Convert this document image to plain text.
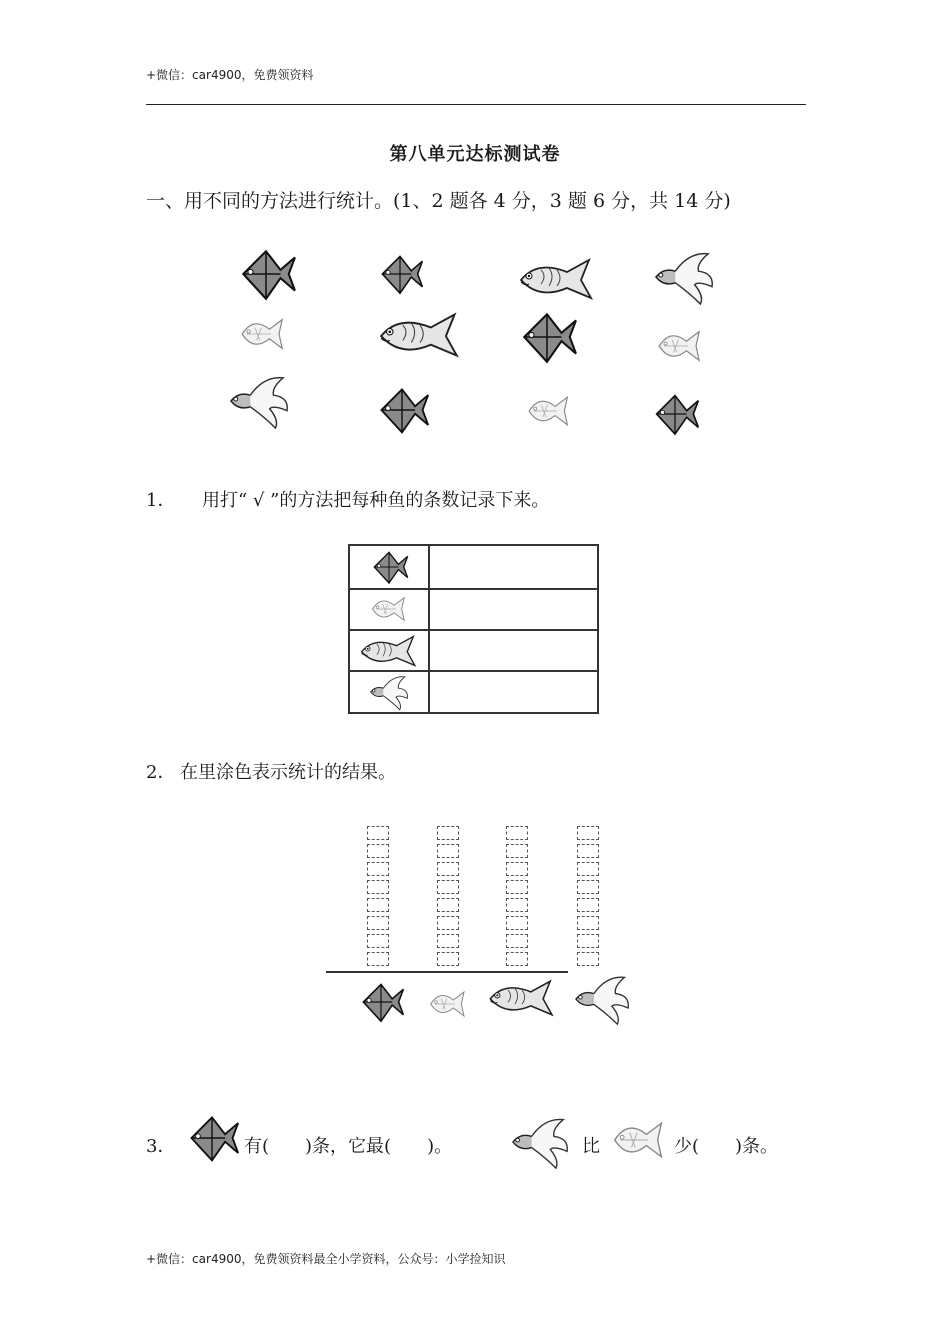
+微信：car4900，免费领资料
第八单元达标测试卷
一、用不同的方法进行统计。(1、2 题各 4 分，3 题 6 分，共 14 分)
1． 用打“ √ ”的方法把每种鱼的条数记录下来。

2． 在里涂色表示统计的结果。
3．	有(　　)条，它最(　　)。	比	少(　　)条。
+微信：car4900，免费领资料最全小学资料，公众号：小学捡知识
